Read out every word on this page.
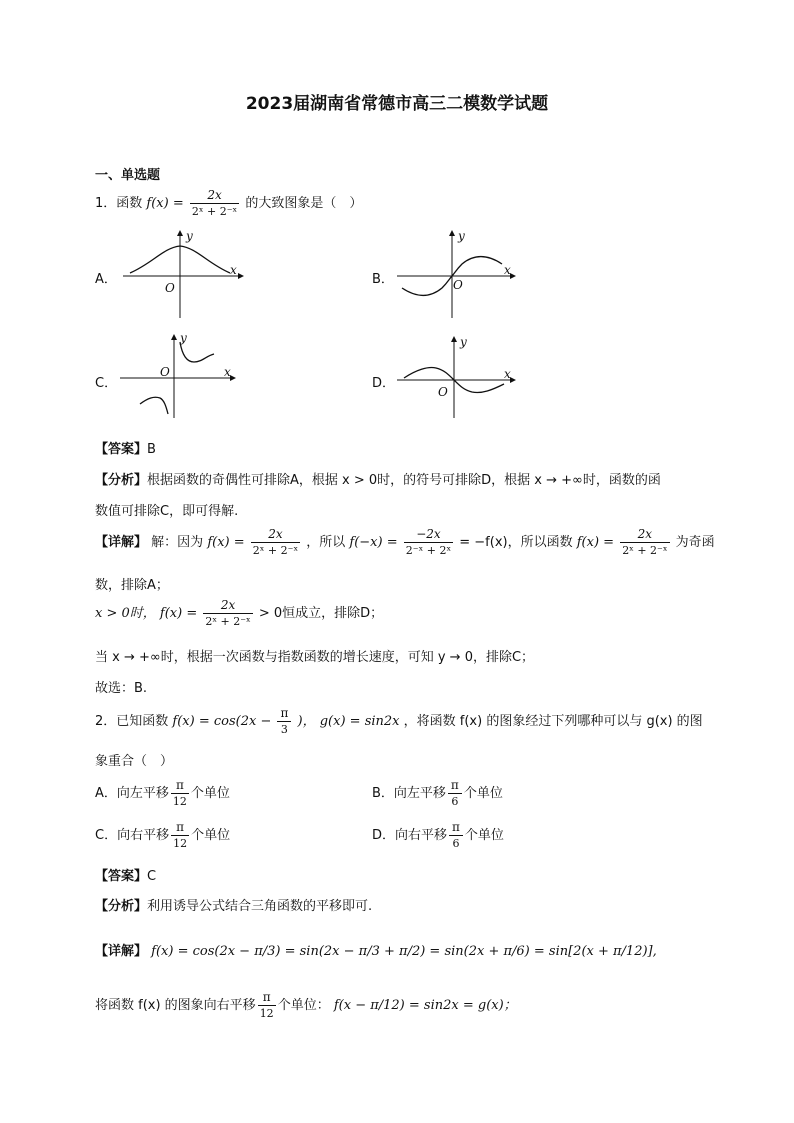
2023届湖南省常德市高三二模数学试题
一、单选题
1．函数 $f(x) = \frac{2x}{\text{2ˣ + 2⁻ˣ}}$ 的大致图象是（　）
A．
y
x
O
B．
y
x
O
C．
y
x
O
D．
y
x
O
【答案】B
【分析】根据函数的奇偶性可排除A，根据 x > 0时，的符号可排除D，根据 x → +∞时，函数的函
数值可排除C，即可得解.
【详解】 解：因为 $f(x) = \frac{2x}{\text{2ˣ + 2⁻ˣ}}$ ，所以 $f(-x) = \frac{-2x}{\text{2⁻ˣ + 2ˣ}} = -f(x)$，所以函数 $f(x) = \frac{2x}{\text{2ˣ + 2⁻ˣ}}$ 为奇函
数，排除A；
x > 0时， $f(x) = \frac{2x}{\text{2ˣ + 2⁻ˣ}} > 0$恒成立，排除D；
当 x → +∞时，根据一次函数与指数函数的增长速度，可知 y → 0，排除C；
故选：B.
2．已知函数 $f(x) = \cos(2x - \frac{\pi}{3}$ )， g(x) = sin2x ，将函数 f(x) 的图象经过下列哪种可以与 g(x) 的图
象重合（　）
A．向左平移 $\frac{\pi}{12}$ 个单位	B．向左平移 $\frac{\pi}{6}$ 个单位
C．向右平移 $\frac{\pi}{12}$ 个单位	D．向右平移 $\frac{\pi}{6}$ 个单位
【答案】C
【分析】利用诱导公式结合三角函数的平移即可.
【详解】 f(x) = cos(2x − π/3) = sin(2x − π/3 + π/2) = sin(2x + π/6) = sin[2(x + π/12)],
将函数 f(x) 的图象向右平移 $\frac{\pi}{12}$ 个单位： f(x − π/12) = sin2x = g(x)；
